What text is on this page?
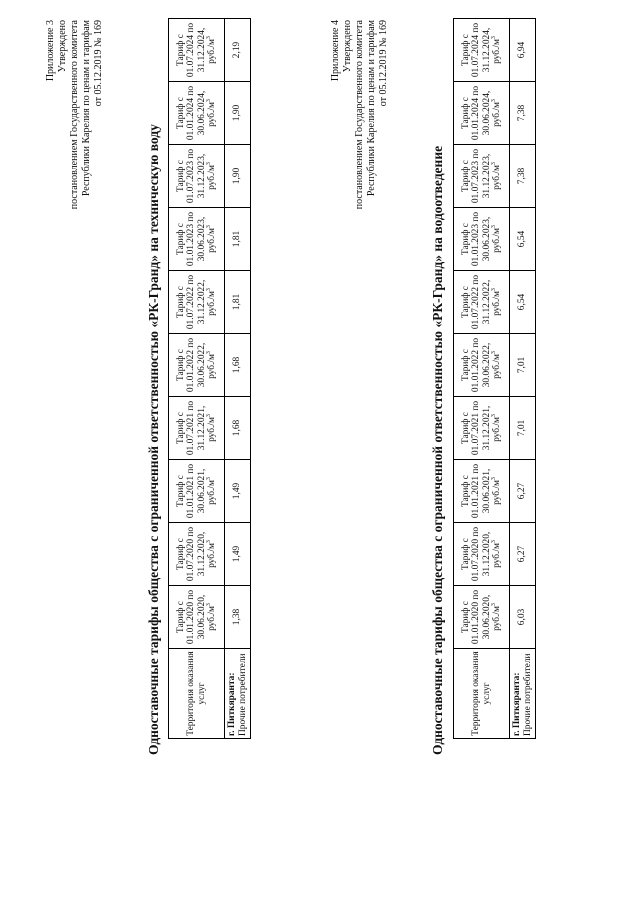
Приложение 3 Утверждено постановлением Государственного комитета Республики Карелия по ценам и тарифам от 05.12.2019 № 169
Одноставочные тарифы общества с ограниченной ответственностью «РК-Гранд» на техническую воду	Территория оказания услуг	Тариф с
01.01.2020 по
30.06.2020,
$руб./м^3$	Тариф с
01.07.2020 по
31.12.2020,
$руб./м^3$	Тариф с
01.01.2021 по
30.06.2021,
$руб./м^3$	Тариф с
01.07.2021 по
31.12.2021,
$руб./м^3$	Тариф с
01.01.2022 по
30.06.2022,
$руб./м^3$	Тариф с
01.07.2022 по
31.12.2022,
$руб./м^3$	Тариф с
01.01.2023 по
30.06.2023,
$руб./м^3$	Тариф с
01.07.2023 по
31.12.2023,
$руб./м^3$	Тариф с
01.01.2024 по
30.06.2024,
$руб./м^3$	Тариф с
01.07.2024 по
31.12.2024,
$руб./м^3$
г. Питкяранта:
Прочие потребители	1,38	1,49	1,49	1,68	1,68	1,81	1,81	1,90	1,90	2,19	Приложение 4 Утверждено постановлением Государственного комитета Республики Карелия по ценам и тарифам от 05.12.2019 № 169
Одноставочные тарифы общества с ограниченной ответственностью «РК-Гранд» на водоотведение	Территория оказания услуг	Тариф с
01.01.2020 по
30.06.2020,
$руб./м^3$	Тариф с
01.07.2020 по
31.12.2020,
$руб./м^3$	Тариф с
01.01.2021 по
30.06.2021,
$руб./м^3$	Тариф с
01.07.2021 по
31.12.2021,
$руб./м^3$	Тариф с
01.01.2022 по
30.06.2022,
$руб./м^3$	Тариф с
01.07.2022 по
31.12.2022,
$руб./м^3$	Тариф с
01.01.2023 по
30.06.2023,
$руб./м^3$	Тариф с
01.07.2023 по
31.12.2023,
$руб./м^3$	Тариф с
01.01.2024 по
30.06.2024,
$руб./м^3$	Тариф с
01.07.2024 по
31.12.2024,
$руб./м^3$
г. Питкяранта:
Прочие потребители	6,03	6,27	6,27	7,01	7,01	6,54	6,54	7,38	7,38	6,94
